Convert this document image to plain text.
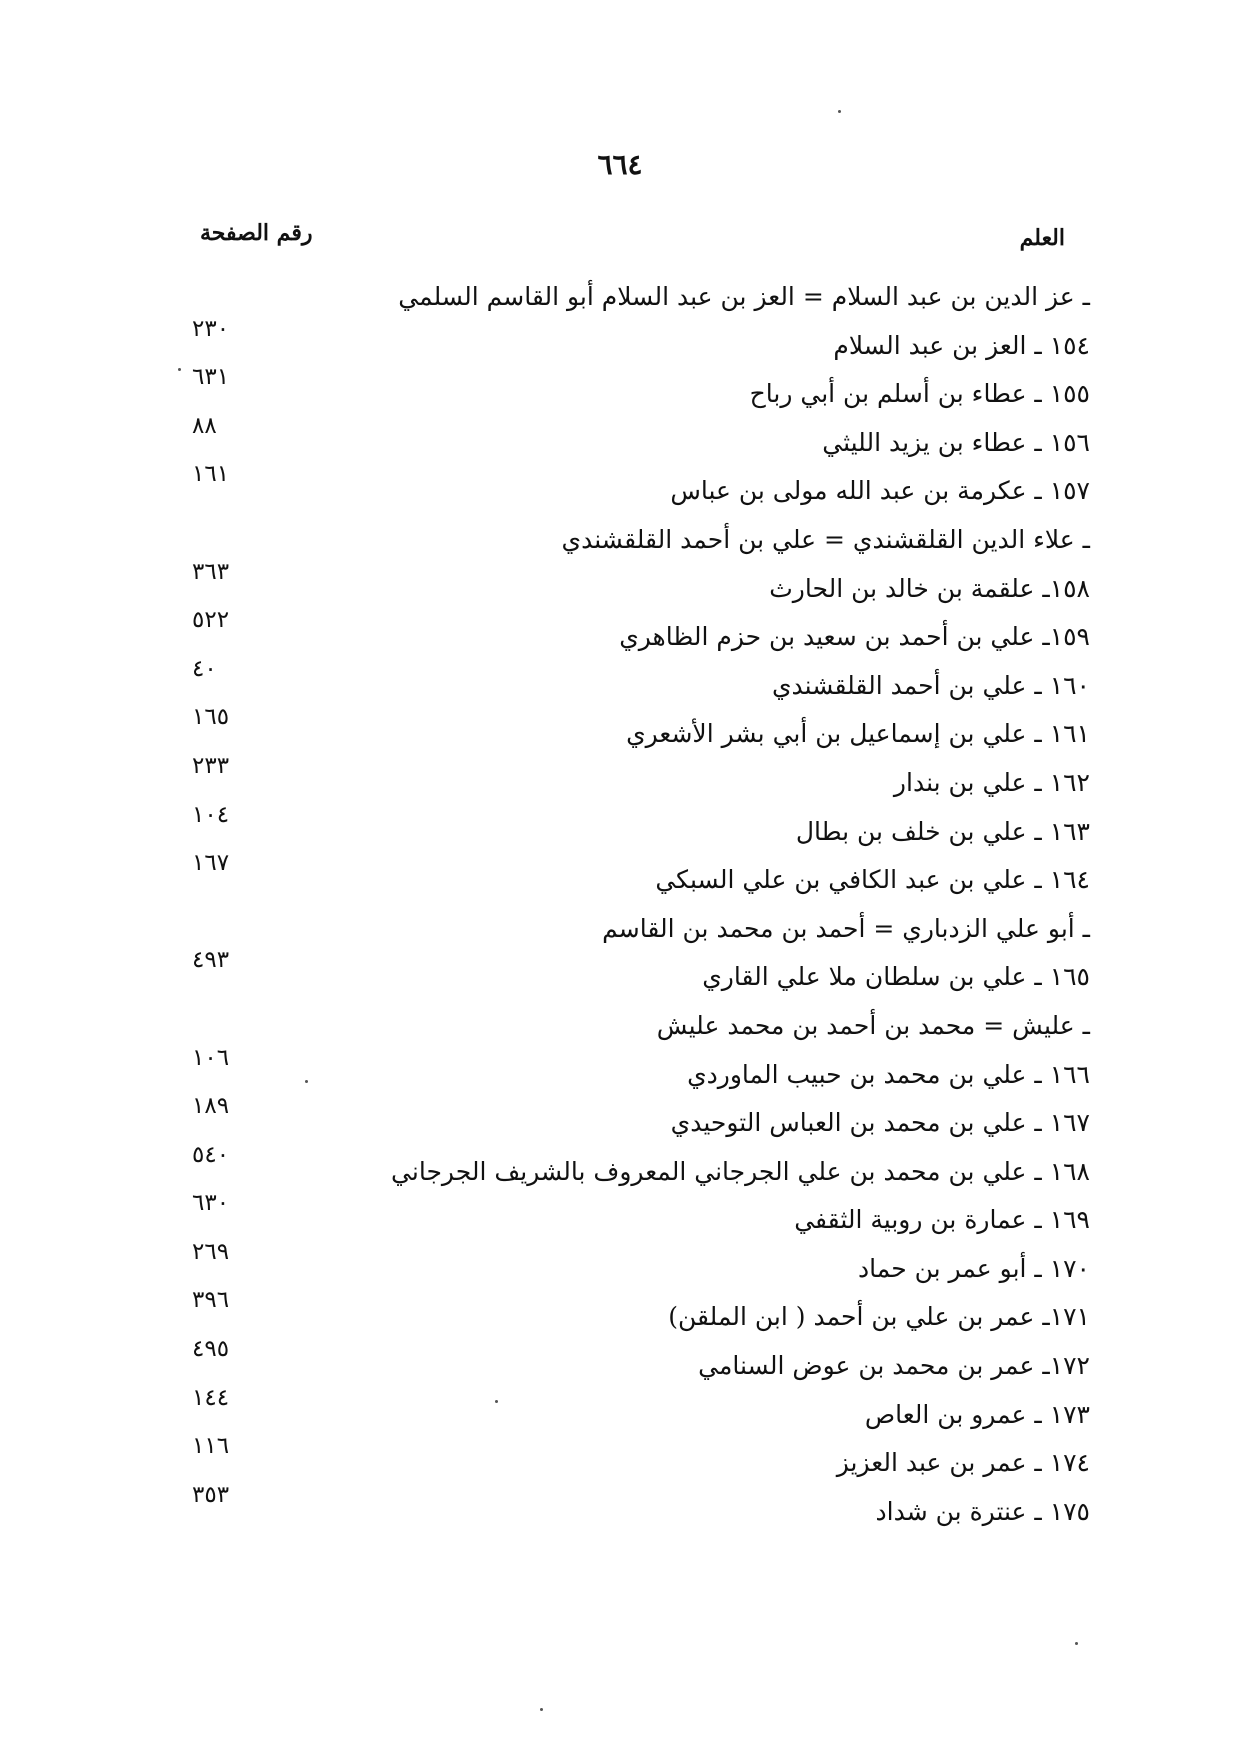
٦٦٤
رقم الصفحة	العلم
ـ عز الدين بن عبد السلام = العز بن عبد السلام أبو القاسم السلمي
١٥٤ ـ العز بن عبد السلام
٢٣٠
١٥٥ ـ عطاء بن أسلم بن أبي رباح
٦٣١
١٥٦ ـ عطاء بن يزيد الليثي
٨٨
١٥٧ ـ عكرمة بن عبد الله مولى بن عباس
١٦١
ـ علاء الدين القلقشندي = علي بن أحمد القلقشندي
١٥٨ـ علقمة بن خالد بن الحارث
٣٦٣
١٥٩ـ علي بن أحمد بن سعيد بن حزم الظاهري
٥٢٢
١٦٠ ـ علي بن أحمد القلقشندي
٤٠
١٦١ ـ علي بن إسماعيل بن أبي بشر الأشعري
١٦٥
١٦٢ ـ علي بن بندار
٢٣٣
١٦٣ ـ علي بن خلف بن بطال
١٠٤
١٦٤ ـ علي بن عبد الكافي بن علي السبكي
١٦٧
ـ أبو علي الزدباري = أحمد بن محمد بن القاسم
١٦٥ ـ علي بن سلطان ملا علي القاري
٤٩٣
ـ عليش = محمد بن أحمد بن محمد عليش
١٦٦ ـ علي بن محمد بن حبيب الماوردي
١٠٦
١٦٧ ـ علي بن محمد بن العباس التوحيدي
١٨٩
١٦٨ ـ علي بن محمد بن علي الجرجاني المعروف بالشريف الجرجاني
٥٤٠
١٦٩ ـ عمارة بن روبية الثقفي
٦٣٠
١٧٠ ـ أبو عمر بن حماد
٢٦٩
١٧١ـ عمر بن علي بن أحمد ( ابن الملقن)
٣٩٦
١٧٢ـ عمر بن محمد بن عوض السنامي
٤٩٥
١٧٣ ـ عمرو بن العاص
١٤٤
١٧٤ ـ عمر بن عبد العزيز
١١٦
١٧٥ ـ عنترة بن شداد
٣٥٣
